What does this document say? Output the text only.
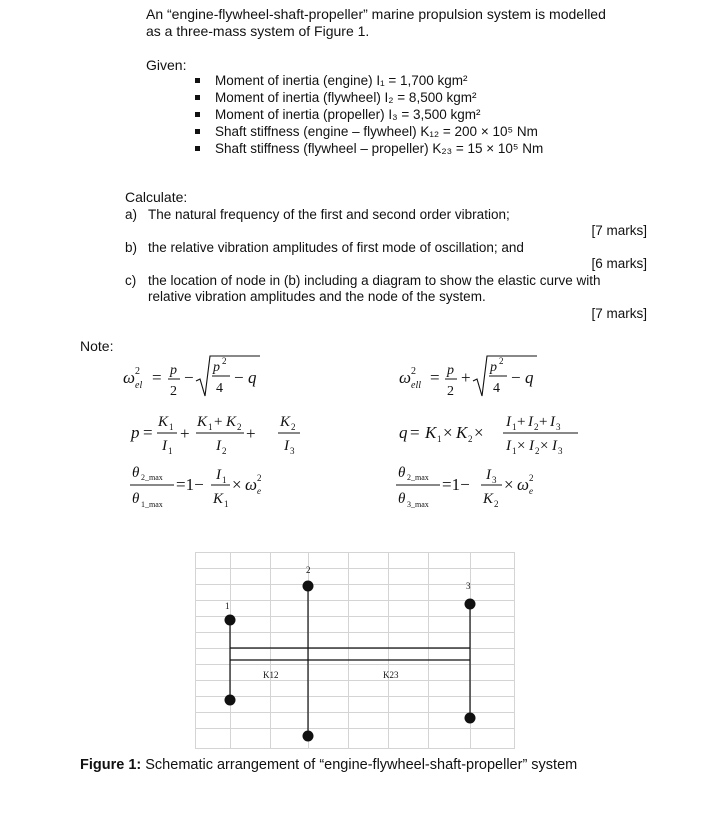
An “engine-flywheel-shaft-propeller” marine propulsion system is modelled
as a three-mass system of Figure 1.
Given:
Moment of inertia (engine) I₁ = 1,700 kgm²
Moment of inertia (flywheel) I₂ = 8,500 kgm²
Moment of inertia (propeller) I₃ = 3,500 kgm²
Shaft stiffness (engine – flywheel) K₁₂ = 200 × 10⁵ Nm
Shaft stiffness (flywheel – propeller) K₂₃ = 15 × 10⁵ Nm
Calculate:
a) The natural frequency of the first and second order vibration;
[7 marks]
b) the relative vibration amplitudes of first mode of oscillation; and
[6 marks]
c) the location of node in (b) including a diagram to show the elastic curve with
relative vibration amplitudes and the node of the system.
[7 marks]
Note:
ω 2
el = p
2
−
p 2
4
− q
p =
K 1
I 1
+
K 1 + K 2
I 2
+
K 2
I 3
θ 2_max
θ 1_max
=1− I 1
K 1
× ω 2
e
ω 2
ell = p
2
+
p 2
4
− q
q = K 1 × K 2 ×
I 1 + I 2 + I 3
I 1 × I 2 × I 3
θ 2_max
θ 3_max
=1− I 3
K 2
× ω 2
e
1
2
3
K12	K23
Figure 1: Schematic arrangement of “engine-flywheel-shaft-propeller” system
